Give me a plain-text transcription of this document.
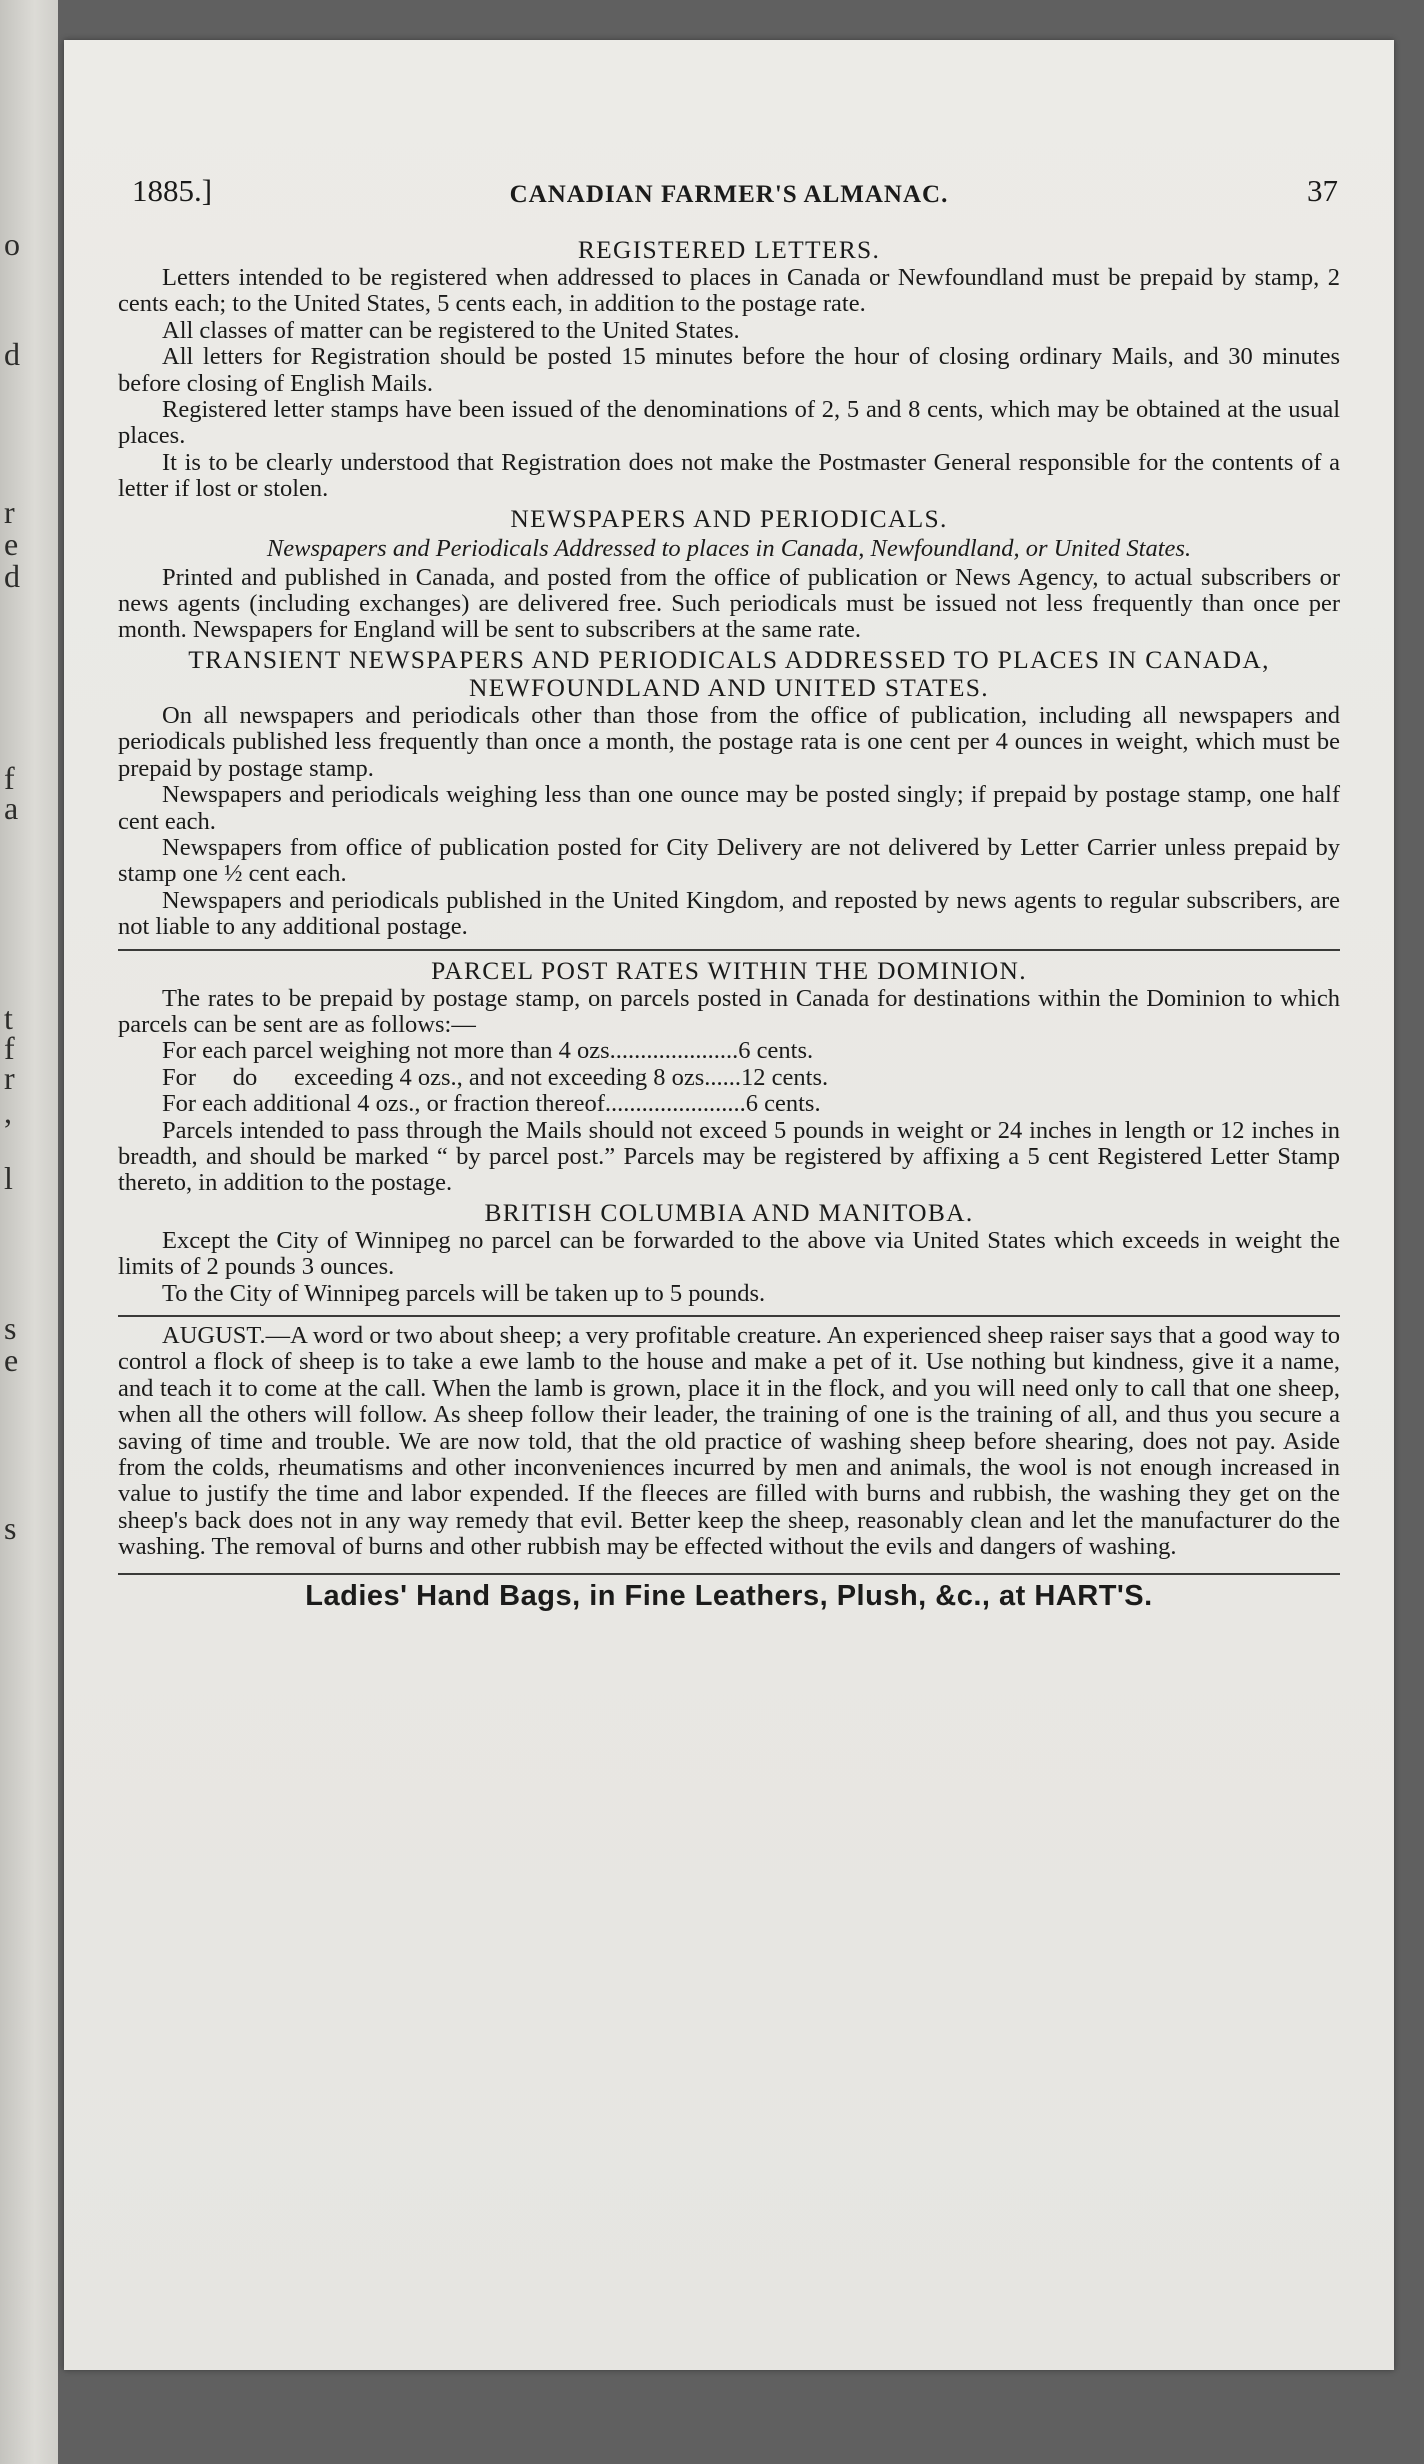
o
d
r
e
d
f
a
t
f
r
,
l
s
e
s
1885.]	CANADIAN FARMER'S ALMANAC.	37
REGISTERED LETTERS.

Letters intended to be registered when addressed to places in Canada or Newfoundland must be prepaid by stamp, 2 cents each; to the United States, 5 cents each, in addition to the postage rate.

All classes of matter can be registered to the United States.

All letters for Registration should be posted 15 minutes before the hour of closing ordinary Mails, and 30 minutes before closing of English Mails.

Registered letter stamps have been issued of the denominations of 2, 5 and 8 cents, which may be obtained at the usual places.

It is to be clearly understood that Registration does not make the Postmaster General responsible for the contents of a letter if lost or stolen.

NEWSPAPERS AND PERIODICALS.
Newspapers and Periodicals Addressed to places in Canada, Newfoundland, or United States.

Printed and published in Canada, and posted from the office of publication or News Agency, to actual subscribers or news agents (including exchanges) are delivered free. Such periodicals must be issued not less frequently than once per month. Newspapers for England will be sent to subscribers at the same rate.

TRANSIENT NEWSPAPERS AND PERIODICALS ADDRESSED TO PLACES IN CANADA, NEWFOUNDLAND AND UNITED STATES.

On all newspapers and periodicals other than those from the office of publication, including all newspapers and periodicals published less frequently than once a month, the postage rata is one cent per 4 ounces in weight, which must be prepaid by postage stamp.

Newspapers and periodicals weighing less than one ounce may be posted singly; if prepaid by postage stamp, one half cent each.

Newspapers from office of publication posted for City Delivery are not delivered by Letter Carrier unless prepaid by stamp one ½ cent each.

Newspapers and periodicals published in the United Kingdom, and reposted by news agents to regular subscribers, are not liable to any additional postage.

PARCEL POST RATES WITHIN THE DOMINION.

The rates to be prepaid by postage stamp, on parcels posted in Canada for destinations within the Dominion to which parcels can be sent are as follows:—

For each parcel weighing not more than 4 ozs.....................6 cents.

For      do      exceeding 4 ozs., and not exceeding 8 ozs......12 cents.

For each additional 4 ozs., or fraction thereof.......................6 cents.

Parcels intended to pass through the Mails should not exceed 5 pounds in weight or 24 inches in length or 12 inches in breadth, and should be marked “ by parcel post.” Parcels may be registered by affixing a 5 cent Registered Letter Stamp thereto, in addition to the postage.

BRITISH COLUMBIA AND MANITOBA.

Except the City of Winnipeg no parcel can be forwarded to the above via United States which exceeds in weight the limits of 2 pounds 3 ounces.

To the City of Winnipeg parcels will be taken up to 5 pounds.

AUGUST.—A word or two about sheep; a very profitable creature. An experienced sheep raiser says that a good way to control a flock of sheep is to take a ewe lamb to the house and make a pet of it. Use nothing but kindness, give it a name, and teach it to come at the call. When the lamb is grown, place it in the flock, and you will need only to call that one sheep, when all the others will follow. As sheep follow their leader, the training of one is the training of all, and thus you secure a saving of time and trouble. We are now told, that the old practice of washing sheep before shearing, does not pay. Aside from the colds, rheumatisms and other inconveniences incurred by men and animals, the wool is not enough increased in value to justify the time and labor expended. If the fleeces are filled with burns and rubbish, the washing they get on the sheep's back does not in any way remedy that evil. Better keep the sheep, reasonably clean and let the manufacturer do the washing. The removal of burns and other rubbish may be effected without the evils and dangers of washing.

Ladies' Hand Bags, in Fine Leathers, Plush, &c., at HART'S.
